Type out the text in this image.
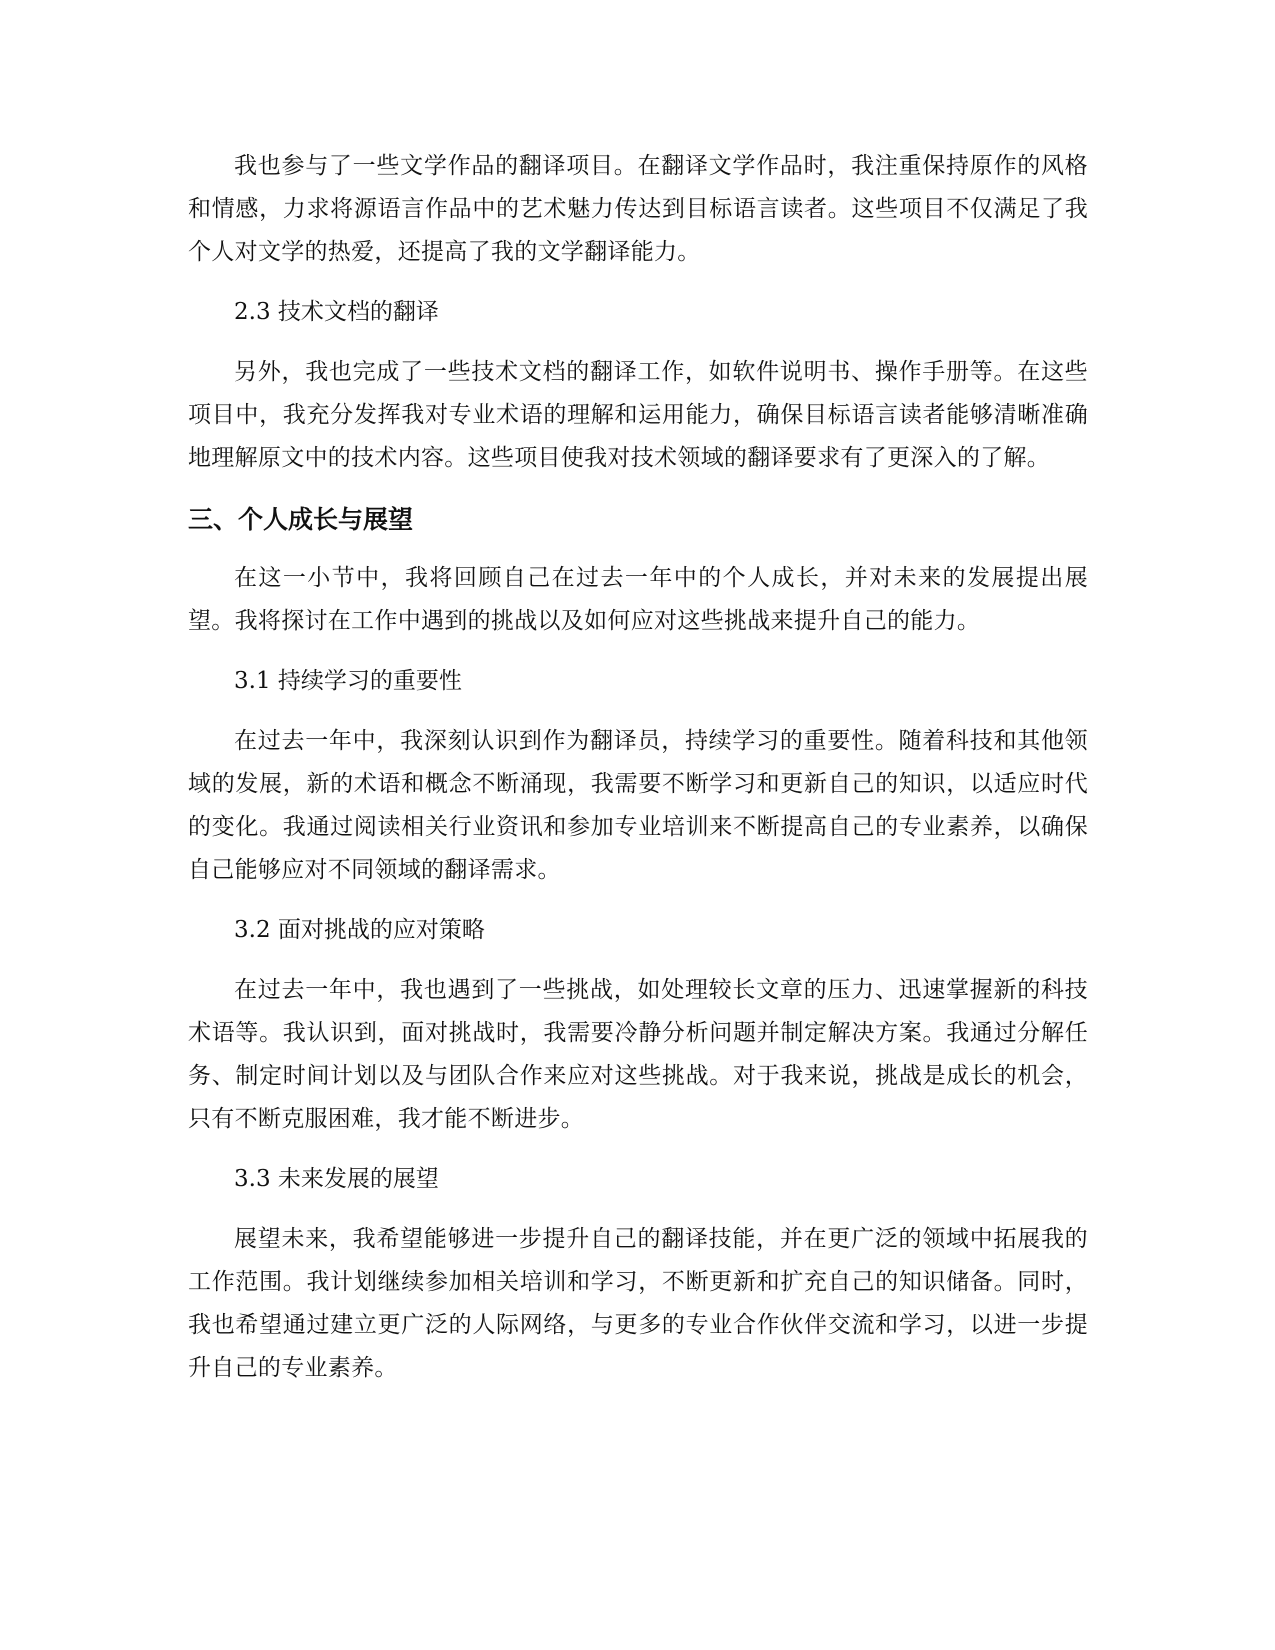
我也参与了一些文学作品的翻译项目。在翻译文学作品时，我注重保持原作的风格和情感，力求将源语言作品中的艺术魅力传达到目标语言读者。这些项目不仅满足了我个人对文学的热爱，还提高了我的文学翻译能力。

2.3 技术文档的翻译

另外，我也完成了一些技术文档的翻译工作，如软件说明书、操作手册等。在这些项目中，我充分发挥我对专业术语的理解和运用能力，确保目标语言读者能够清晰准确地理解原文中的技术内容。这些项目使我对技术领域的翻译要求有了更深入的了解。

三、个人成长与展望

在这一小节中，我将回顾自己在过去一年中的个人成长，并对未来的发展提出展望。我将探讨在工作中遇到的挑战以及如何应对这些挑战来提升自己的能力。

3.1 持续学习的重要性

在过去一年中，我深刻认识到作为翻译员，持续学习的重要性。随着科技和其他领域的发展，新的术语和概念不断涌现，我需要不断学习和更新自己的知识，以适应时代的变化。我通过阅读相关行业资讯和参加专业培训来不断提高自己的专业素养，以确保自己能够应对不同领域的翻译需求。

3.2 面对挑战的应对策略

在过去一年中，我也遇到了一些挑战，如处理较长文章的压力、迅速掌握新的科技术语等。我认识到，面对挑战时，我需要冷静分析问题并制定解决方案。我通过分解任务、制定时间计划以及与团队合作来应对这些挑战。对于我来说，挑战是成长的机会，只有不断克服困难，我才能不断进步。

3.3 未来发展的展望

展望未来，我希望能够进一步提升自己的翻译技能，并在更广泛的领域中拓展我的工作范围。我计划继续参加相关培训和学习，不断更新和扩充自己的知识储备。同时，我也希望通过建立更广泛的人际网络，与更多的专业合作伙伴交流和学习，以进一步提升自己的专业素养。
